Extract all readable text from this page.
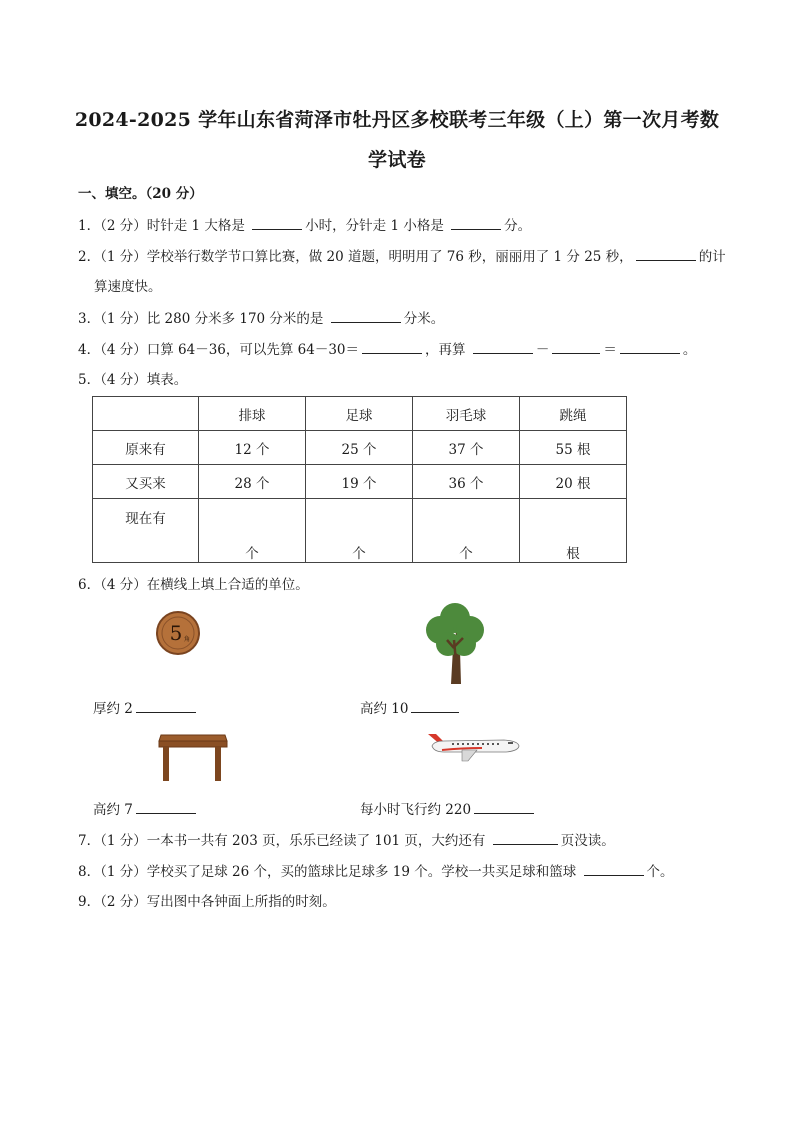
2024-2025 学年山东省菏泽市牡丹区多校联考三年级（上）第一次月考数
学试卷
一、填空。（20 分）
1．（2 分）时针走 1 大格是	小时，分针走 1 小格是	分。
2．（1 分）学校举行数学节口算比赛，做 20 道题，明明用了 76 秒，丽丽用了 1 分 25 秒，	的计
算速度快。
3．（1 分）比 280 分米多 170 分米的是	分米。
4．（4 分）口算 64－36，可以先算 64－30＝	，再算	－	＝	。
5．（4 分）填表。
	排球	足球	羽毛球	跳绳
原来有	12 个	25 个	37 个	55 根
又买来	28 个	19 个	36 个	20 根
现在有	个	个	个	根
6．（4 分）在横线上填上合适的单位。
5 角
厚约 2	高约 10
高约 7	每小时飞行约 220
7．（1 分）一本书一共有 203 页，乐乐已经读了 101 页，大约还有	页没读。
8．（1 分）学校买了足球 26 个，买的篮球比足球多 19 个。学校一共买足球和篮球	个。
9．（2 分）写出图中各钟面上所指的时刻。
